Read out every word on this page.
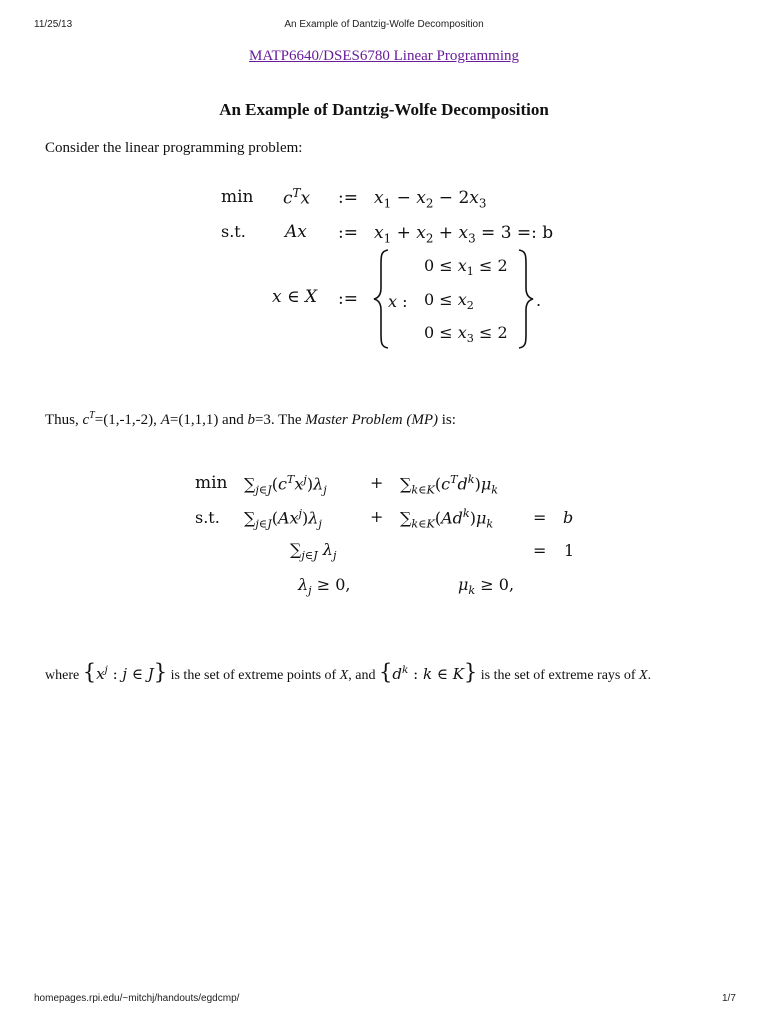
11/25/13	An Example of Dantzig-Wolfe Decomposition
MATP6640/DSES6780 Linear Programming
An Example of Dantzig-Wolfe Decomposition
Consider the linear programming problem:
$\min c^Tx$ := $x_1 - x_2 - 2x_3$
s.t. Ax := $x_1 + x_2 + x_3 = 3$ =: b
x ∈ X := x :
$0 \le x_1 \le 2$
$0 \le x_2$
$0 \le x_3 \le 2$
.
Thus, $c^T=(1,-1,-2)$, A=(1,1,1) and b=3. The Master Problem (MP) is:
$\min \sum_{j\in J}(c^Tx^j)\lambda_j$	+ $\sum_{k\in K}(c^Td^k)\mu_k$
s.t. $\sum_{j\in J}(Ax^j)\lambda_j$	+ $\sum_{k\in K}(Ad^k)\mu_k = b$
$\sum_{j\in J}$ $\lambda_j$	= 1
$\lambda_j \ge 0$,	$\mu_k \ge 0$,
where {$x^j$ : j ∈ J} is the set of extreme points of X, and {$d^k$ : k ∈ K} is the set of extreme rays of X.
homepages.rpi.edu/~mitchj/handouts/egdcmp/	1/7
